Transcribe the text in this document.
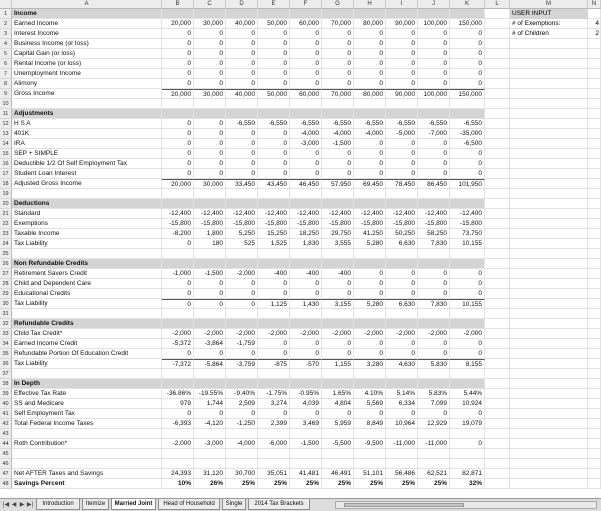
A	B	C	D	E	F	G	H	I	J	K	L	M	N
1	Income
2	Earned Income	20,000	30,000	40,000	50,000	60,000	70,000	80,000	90,000	100,000	150,000
3	Interest Income	0	0	0	0	0	0	0	0	0	0
4	Business Income (or loss)	0	0	0	0	0	0	0	0	0	0
5	Capital Gain (or loss)	0	0	0	0	0	0	0	0	0	0
6	Rental Income (or loss)	0	0	0	0	0	0	0	0	0	0
7	Unemployment Income	0	0	0	0	0	0	0	0	0	0
8	Alimony	0	0	0	0	0	0	0	0	0	0
9	Gross Income	20,000	30,000	40,000	50,000	60,000	70,000	80,000	90,000	100,000	150,000
10
11 Adjustments
12 H S A	0	0	-6,550	-6,550	-6,550	-6,550	-6,550	-6,550	-6,550	-6,550
13 401K	0	0	0	0	-4,000	-4,000	-4,000	-5,000	-7,000	-35,000
14 IRA	0	0	0	0	-3,000	-1,500	0	0	0	-6,500
15 SEP + SIMPLE	0	0	0	0	0	0	0	0	0	0
16 Deductible 1/2 Of Self Employment Tax	0	0	0	0	0	0	0	0	0	0
17 Student Loan Interest	0	0	0	0	0	0	0	0	0	0
18 Adjusted Gross Income	20,000	30,000	33,450	43,450	46,450	57,950	69,450	78,450	86,450	101,950
19
20 Deductions
21 Standard	-12,400	-12,400	-12,400	-12,400	-12,400	-12,400	-12,400	-12,400	-12,400	-12,400
22 Exemptions	-15,800	-15,800	-15,800	-15,800	-15,800	-15,800	-15,800	-15,800	-15,800	-15,800
23 Taxable Income	-8,200	1,800	5,250	15,250	18,250	29,750	41,250	50,250	58,250	73,750
24 Tax Liability	0	180	525	1,525	1,830	3,555	5,280	6,630	7,830	10,155
25
26 Non Refundable Credits
27 Retirement Savers Credit	-1,000	-1,500	-2,000	-400	-400	-400	0	0	0	0
28 Child and Dependent Care	0	0	0	0	0	0	0	0	0	0
29 Educational Credits	0	0	0	0	0	0	0	0	0	0
30 Tax Liability	0	0	0	1,125	1,430	3,155	5,280	6,630	7,830	10,155
31
32 Refundable Credits
33 Child Tax Credit*	-2,000	-2,000	-2,000	-2,000	-2,000	-2,000	-2,000	-2,000	-2,000	-2,000
34 Earned Income Credit	-5,372	-3,864	-1,759	0	0	0	0	0	0	0
35 Refundable Portion Of Education Credit	0	0	0	0	0	0	0	0	0	0
36 Tax Liability	-7,372	-5,864	-3,759	-875	-570	1,155	3,280	4,630	5,830	8,155
37
38 In Depth
39 Effective Tax Rate	-36.86%	-19.55%	-9.40%	-1.75%	-0.95%	1.65%	4.10%	5.14%	5.83%	5.44%
40 SS and Medicare	979	1,744	2,509	3,274	4,039	4,804	5,569	6,334	7,099	10,924
41 Self Employment Tax	0	0	0	0	0	0	0	0	0	0
42 Total Federal Income Taxes	-6,393	-4,120	-1,250	2,399	3,469	5,959	8,849	10,964	12,929	19,079
43
44 Roth Contribution*	-2,000	-3,000	-4,000	-6,000	-1,500	-5,500	-9,500	-11,000	-11,000	0
45
46
47 Net AFTER Taxes and Savings	24,393	31,120	30,700	35,051	41,481	46,491	51,101	56,486	62,521	82,871
48 Savings Percent	10%	26%	25%	25%	25%	25%	25%	25%	25%	32%
USER INPUT
# of Exemptions:	4
# of Children	2
|◀ ◀ ▶ ▶|	Introduction	Itemize	Married Joint	Head of Household	Single	2014 Tax Brackets
